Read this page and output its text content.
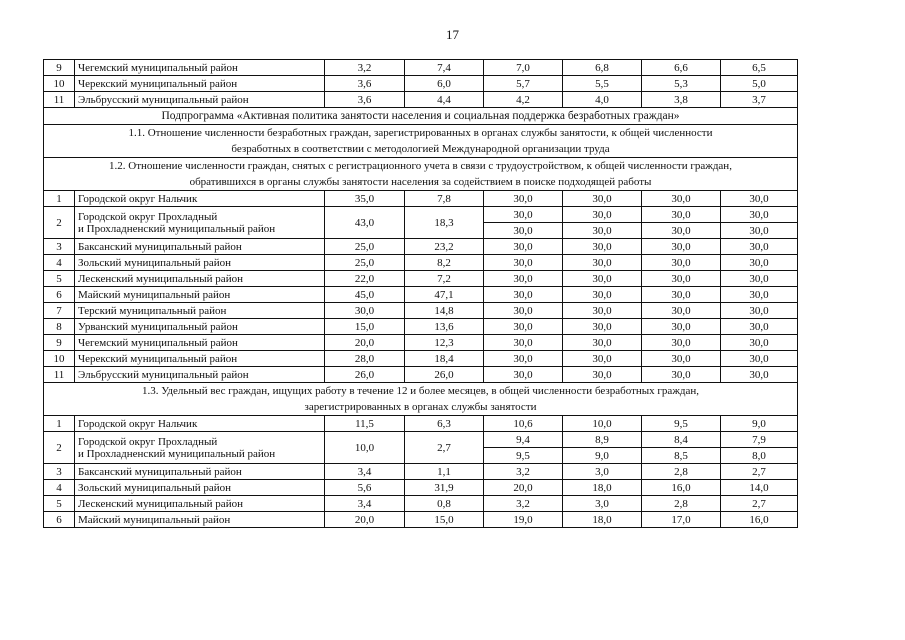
17
9	Чегемский муниципальный район	3,2	7,4	7,0	6,8	6,6	6,5
10	Черекский муниципальный район	3,6	6,0	5,7	5,5	5,3	5,0
11	Эльбрусский муниципальный район	3,6	4,4	4,2	4,0	3,8	3,7

Подпрограмма «Активная политика занятости населения и социальная поддержка безработных граждан»							

1.1. Отношение численности безработных граждан, зарегистрированных в органах службы занятости, к общей численности
безработных в соответствии с методологией Международной организации труда							

1.2. Отношение численности граждан, снятых с регистрационного учета в связи с трудоустройством, к общей численности граждан,
обратившихся в органы службы занятости населения за содействием в поиске подходящей работы							

1	Городской округ Нальчик	35,0	7,8	30,0	30,0	30,0	30,0
2	Городской округ Прохладный
и Прохладненский муниципальный район	43,0	18,3	30,0	30,0	30,0	30,0
				30,0	30,0	30,0	30,0
3	Баксанский муниципальный район	25,0	23,2	30,0	30,0	30,0	30,0
4	Зольский муниципальный район	25,0	8,2	30,0	30,0	30,0	30,0
5	Лескенский муниципальный район	22,0	7,2	30,0	30,0	30,0	30,0
6	Майский муниципальный район	45,0	47,1	30,0	30,0	30,0	30,0
7	Терский муниципальный район	30,0	14,8	30,0	30,0	30,0	30,0
8	Урванский муниципальный район	15,0	13,6	30,0	30,0	30,0	30,0
9	Чегемский муниципальный район	20,0	12,3	30,0	30,0	30,0	30,0
10	Черекский муниципальный район	28,0	18,4	30,0	30,0	30,0	30,0
11	Эльбрусский муниципальный район	26,0	26,0	30,0	30,0	30,0	30,0

1.3. Удельный вес граждан, ищущих работу в течение 12 и более месяцев, в общей численности безработных граждан,
зарегистрированных в органах службы занятости							

1	Городской округ Нальчик	11,5	6,3	10,6	10,0	9,5	9,0
2	Городской округ Прохладный
и Прохладненский муниципальный район	10,0	2,7	9,4	8,9	8,4	7,9
				9,5	9,0	8,5	8,0
3	Баксанский муниципальный район	3,4	1,1	3,2	3,0	2,8	2,7
4	Зольский муниципальный район	5,6	31,9	20,0	18,0	16,0	14,0
5	Лескенский муниципальный район	3,4	0,8	3,2	3,0	2,8	2,7
6	Майский муниципальный район	20,0	15,0	19,0	18,0	17,0	16,0
